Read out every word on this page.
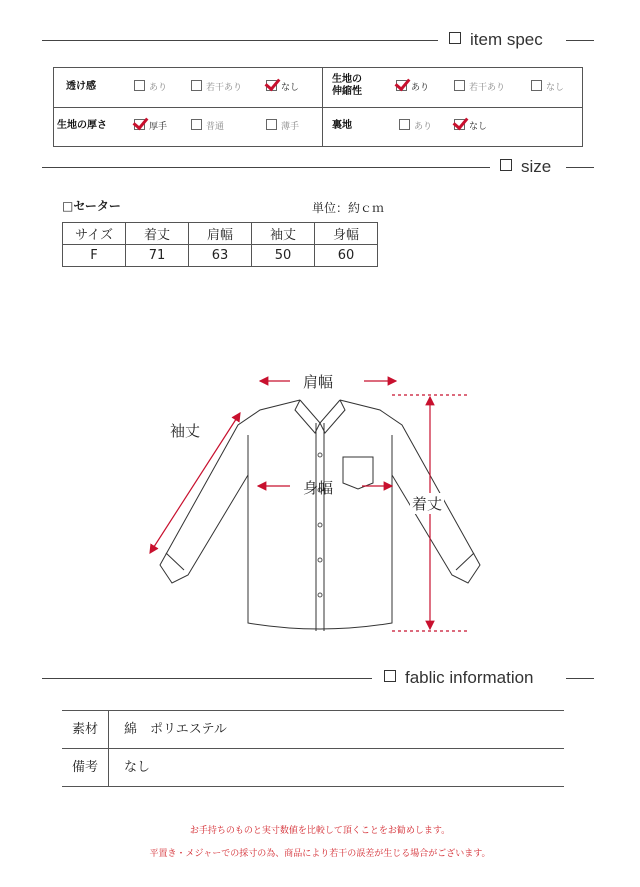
item spec
透け感	あり	若干あり	なし
生地の
伸縮性	あり	若干あり	なし
生地の厚さ	厚手	普通	薄手	裏地	あり	なし
size
□セーター	単位：約ｃｍ
サイズ	着丈	肩幅	袖丈	身幅
F	71	63	50	60
肩幅
袖丈
身幅
着丈
fablic information
素材	綿　ポリエステル
備考	なし
お手持ちのものと実寸数値を比較して頂くことをお勧めします。
平置き・メジャーでの採寸の為、商品により若干の誤差が生じる場合がございます。
